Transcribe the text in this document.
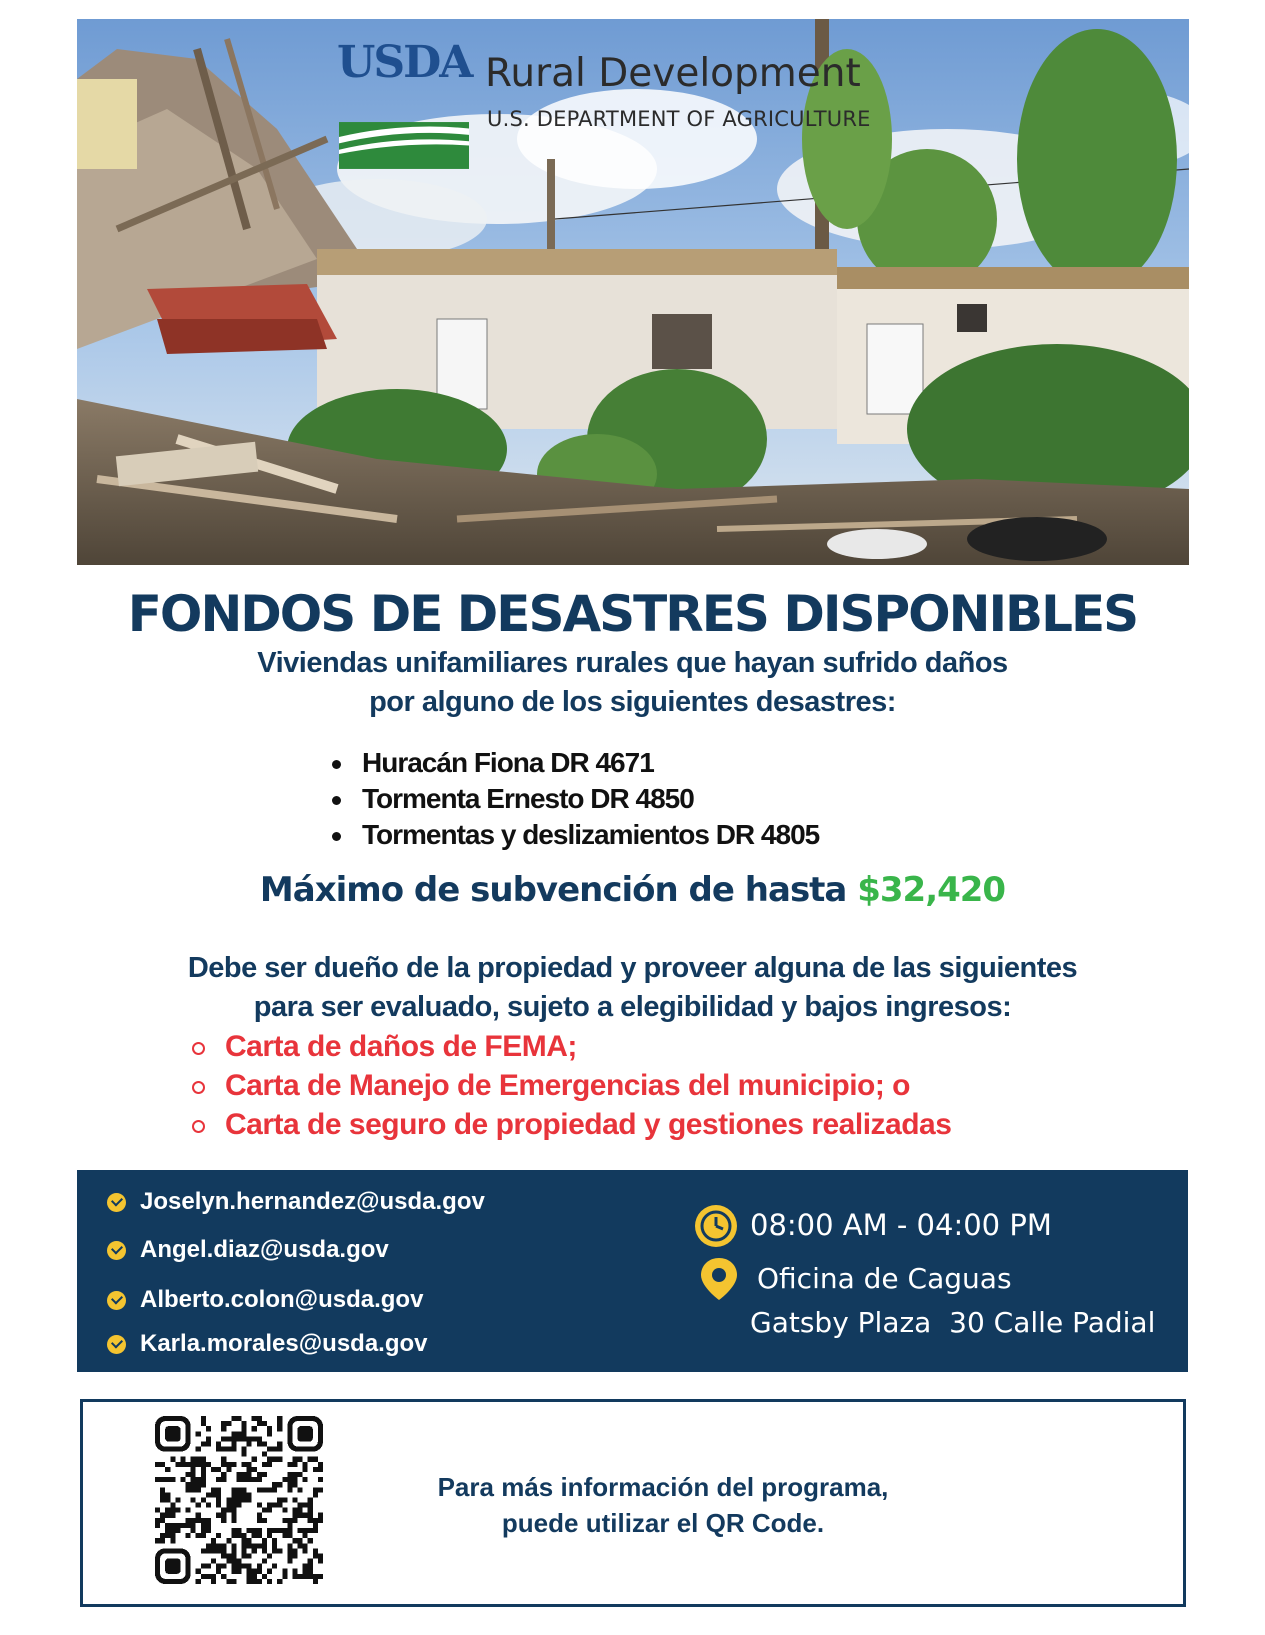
USDA Rural Development
U.S. DEPARTMENT OF AGRICULTURE
FONDOS DE DESASTRES DISPONIBLES
Viviendas unifamiliares rurales que hayan sufrido daños
por alguno de los siguientes desastres:
Huracán Fiona DR 4671
Tormenta Ernesto DR 4850
Tormentas y deslizamientos DR 4805
Máximo de subvención de hasta $32,420
Debe ser dueño de la propiedad y proveer alguna de las siguientes
para ser evaluado, sujeto a elegibilidad y bajos ingresos:
Carta de daños de FEMA;
Carta de Manejo de Emergencias del municipio; o
Carta de seguro de propiedad y gestiones realizadas
Joselyn.hernandez@usda.gov
Angel.diaz@usda.gov
Alberto.colon@usda.gov
Karla.morales@usda.gov
08:00 AM - 04:00 PM
Oficina de Caguas
Gatsby Plaza  30 Calle Padial
Para más información del programa,
puede utilizar el QR Code.
